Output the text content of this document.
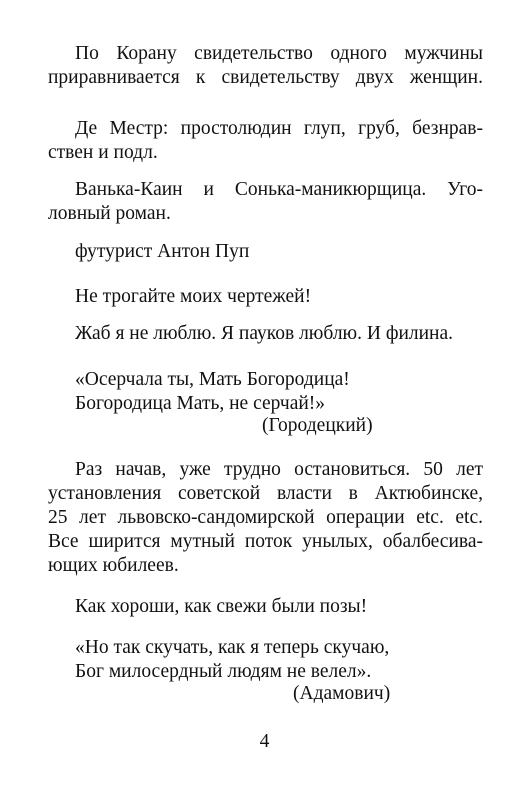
По Корану свидетельство одного мужчины
приравнивается к свидетельству двух женщин.
Де Местр: простолюдин глуп, груб, безнрав-
ствен и подл.
Ванька-Каин и Сонька-маникюрщица. Уго-
ловный роман.
футурист Антон Пуп
Не трогайте моих чертежей!
Жаб я не люблю. Я пауков люблю. И филина.
«Осерчала ты, Мать Богородица!
Богородица Мать, не серчай!»
(Городецкий)
Раз начав, уже трудно остановиться. 50 лет
установления советской власти в Актюбинске,
25 лет львовско-сандомирской операции etc. etc.
Все ширится мутный поток унылых, обалбесива-
ющих юбилеев.
Как хороши, как свежи были позы!
«Но так скучать, как я теперь скучаю,
Бог милосердный людям не велел».
(Адамович)
4
